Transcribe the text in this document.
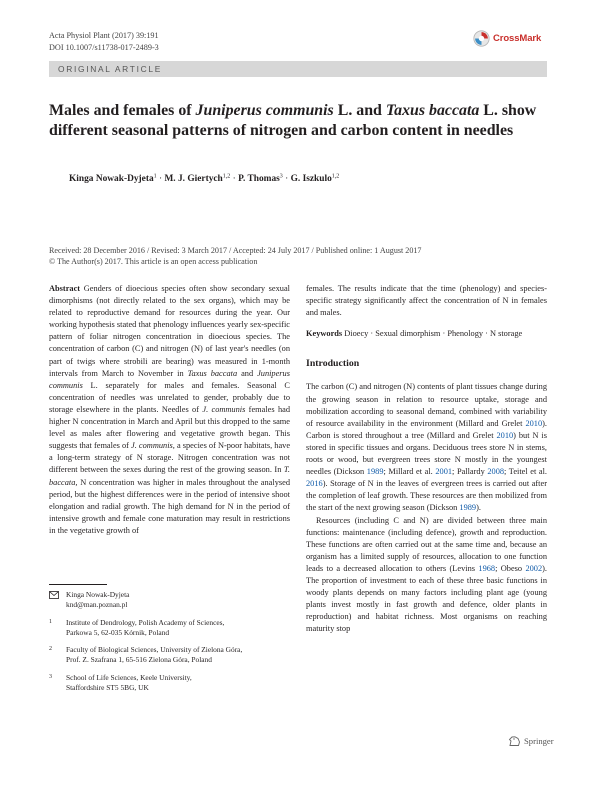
Acta Physiol Plant (2017) 39:191
DOI 10.1007/s11738-017-2489-3
CrossMark
ORIGINAL ARTICLE
Males and females of Juniperus communis L. and Taxus baccata L. show different seasonal patterns of nitrogen and carbon content in needles
Kinga Nowak-Dyjeta$^1$ · M. J. Giertych$^{1,2}$ · P. Thomas$^3$ · G. Iszkulo$^{1,2}$
Received: 28 December 2016 / Revised: 3 March 2017 / Accepted: 24 July 2017 / Published online: 1 August 2017
© The Author(s) 2017. This article is an open access publication

Abstract Genders of dioecious species often show secondary sexual dimorphisms (not directly related to the sex organs), which may be related to reproductive demand for resources during the year. Our working hypothesis stated that phenology influences yearly sex-specific pattern of foliar nitrogen concentration in dioecious species. The concentration of carbon (C) and nitrogen (N) of last year's needles (on part of twigs where strobili are bearing) was measured in 1-month intervals from March to November in Taxus baccata and Juniperus communis L. separately for males and females. Seasonal C concentration of needles was unrelated to gender, probably due to storage elsewhere in the plants. Needles of J. communis females had higher N concentration in March and April but this dropped to the same level as males after flowering and vegetative growth began. This suggests that females of J. communis, a species of N-poor habitats, have a long-term strategy of N storage. Nitrogen concentration was not different between the sexes during the rest of the growing season. In T. baccata, N concentration was higher in males throughout the analysed period, but the highest differences were in the period of intensive shoot elongation and radial growth. The high demand for N in the period of intensive growth and female cone maturation may result in restrictions in the vegetative growth of

Kinga Nowak-Dyjeta
knd@man.poznan.pl
$^1$	Institute of Dendrology, Polish Academy of Sciences,
Parkowa 5, 62-035 Kórnik, Poland
$^2$	Faculty of Biological Sciences, University of Zielona Góra,
Prof. Z. Szafrana 1, 65-516 Zielona Góra, Poland
$^3$	School of Life Sciences, Keele University,
Staffordshire ST5 5BG, UK

females. The results indicate that the time (phenology) and species-specific strategy significantly affect the concentration of N in females and males.

Keywords Dioecy · Sexual dimorphism · Phenology · N storage

Introduction

The carbon (C) and nitrogen (N) contents of plant tissues change during the growing season in relation to resource uptake, storage and mobilization according to seasonal demand, combined with variability of resource availability in the environment (Millard and Grelet 2010). Carbon is stored throughout a tree (Millard and Grelet 2010) but N is stored in specific tissues and organs. Deciduous trees store N in stems, roots or wood, but evergreen trees store N mostly in the youngest needles (Dickson 1989; Millard et al. 2001; Pallardy 2008; Teitel et al. 2016). Storage of N in the leaves of evergreen trees is carried out after the completion of leaf growth. These resources are then mobilized from the start of the next growing season (Dickson 1989).

Resources (including C and N) are divided between three main functions: maintenance (including defence), growth and reproduction. These functions are often carried out at the same time and, because an organism has a limited supply of resources, allocation to one function leads to a decreased allocation to others (Levins 1968; Obeso 2002). The proportion of investment to each of these three basic functions in woody plants depends on many factors including plant age (young plants invest mostly in fast growth and defence, older plants in reproduction) and habitat richness. Most organisms on reaching maturity stop

Springer
